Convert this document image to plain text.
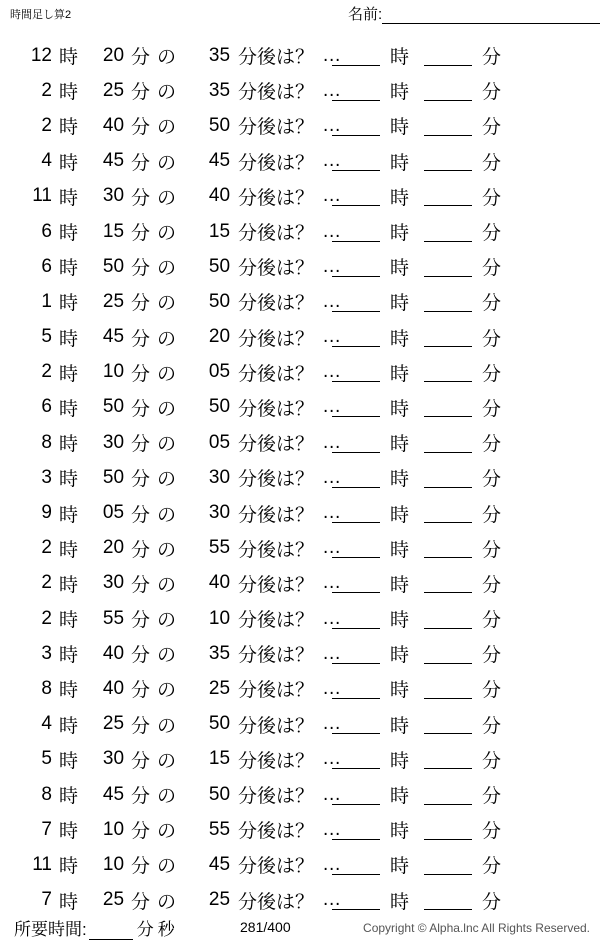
時間足し算2	名前:
12 時	20 分 の	35 分後は？ …	時	分
2 時	25 分 の	35 分後は？ …	時	分
2 時	40 分 の	50 分後は？ …	時	分
4 時	45 分 の	45 分後は？ …	時	分
11 時	30 分 の	40 分後は？ …	時	分
6 時	15 分 の	15 分後は？ …	時	分
6 時	50 分 の	50 分後は？ …	時	分
1 時	25 分 の	50 分後は？ …	時	分
5 時	45 分 の	20 分後は？ …	時	分
2 時	10 分 の	05 分後は？ …	時	分
6 時	50 分 の	50 分後は？ …	時	分
8 時	30 分 の	05 分後は？ …	時	分
3 時	50 分 の	30 分後は？ …	時	分
9 時	05 分 の	30 分後は？ …	時	分
2 時	20 分 の	55 分後は？ …	時	分
2 時	30 分 の	40 分後は？ …	時	分
2 時	55 分 の	10 分後は？ …	時	分
3 時	40 分 の	35 分後は？ …	時	分
8 時	40 分 の	25 分後は？ …	時	分
4 時	25 分 の	50 分後は？ …	時	分
5 時	30 分 の	15 分後は？ …	時	分
8 時	45 分 の	50 分後は？ …	時	分
7 時	10 分 の	55 分後は？ …	時	分
11 時	10 分 の	45 分後は？ …	時	分
7 時	25 分 の	25 分後は？ …	時	分
所要時間:	分 秒	281/400	Copyright © Alpha.lnc All Rights Reserved.
